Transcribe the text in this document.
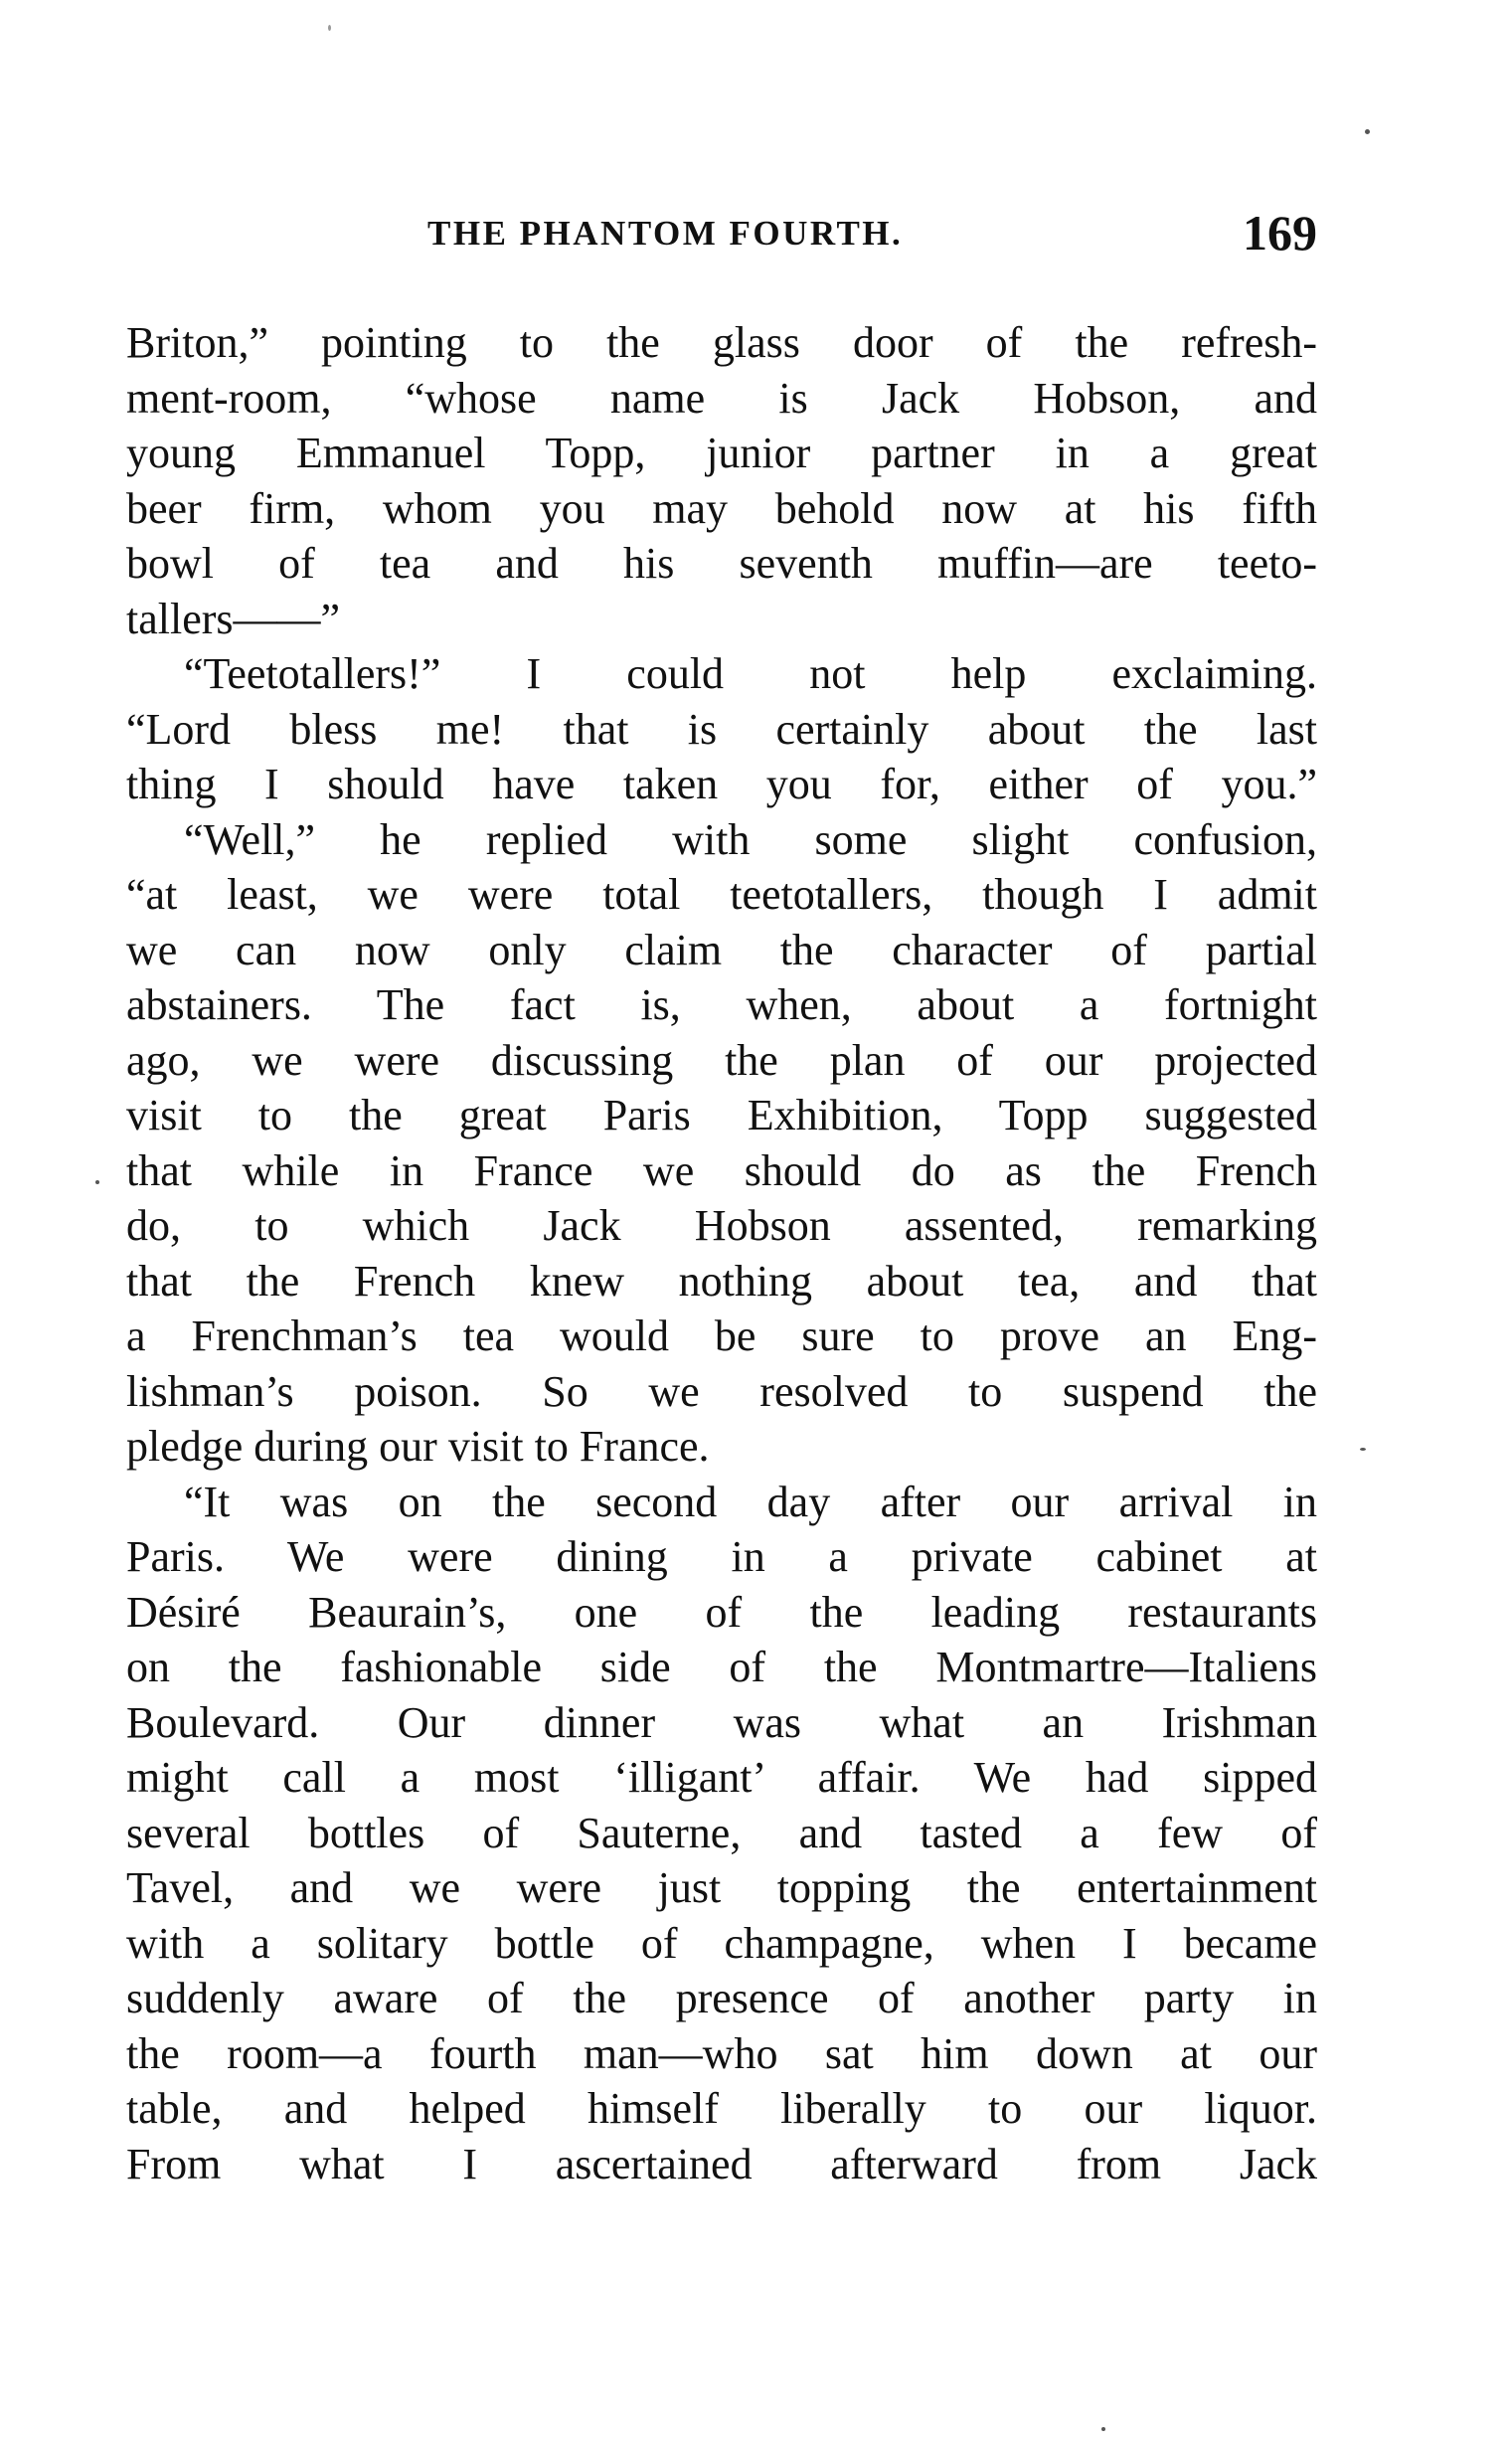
THE PHANTOM FOURTH.	169
Briton,” pointing to the glass door of the refresh-
ment-room, “whose name is Jack Hobson, and
young Emmanuel Topp, junior partner in a great
beer firm, whom you may behold now at his fifth
bowl of tea and his seventh muffin—are teeto-
tallers——”
“Teetotallers!” I could not help exclaiming.
“Lord bless me! that is certainly about the last
thing I should have taken you for, either of you.”
“Well,” he replied with some slight confusion,
“at least, we were total teetotallers, though I admit
we can now only claim the character of partial
abstainers. The fact is, when, about a fortnight
ago, we were discussing the plan of our projected
visit to the great Paris Exhibition, Topp suggested
that while in France we should do as the French
do, to which Jack Hobson assented, remarking
that the French knew nothing about tea, and that
a Frenchman’s tea would be sure to prove an Eng-
lishman’s poison. So we resolved to suspend the
pledge during our visit to France.
“It was on the second day after our arrival in
Paris. We were dining in a private cabinet at
Désiré Beaurain’s, one of the leading restaurants
on the fashionable side of the Montmartre—Italiens
Boulevard. Our dinner was what an Irishman
might call a most ‘illigant’ affair. We had sipped
several bottles of Sauterne, and tasted a few of
Tavel, and we were just topping the entertainment
with a solitary bottle of champagne, when I became
suddenly aware of the presence of another party in
the room—a fourth man—who sat him down at our
table, and helped himself liberally to our liquor.
From what I ascertained afterward from Jack
